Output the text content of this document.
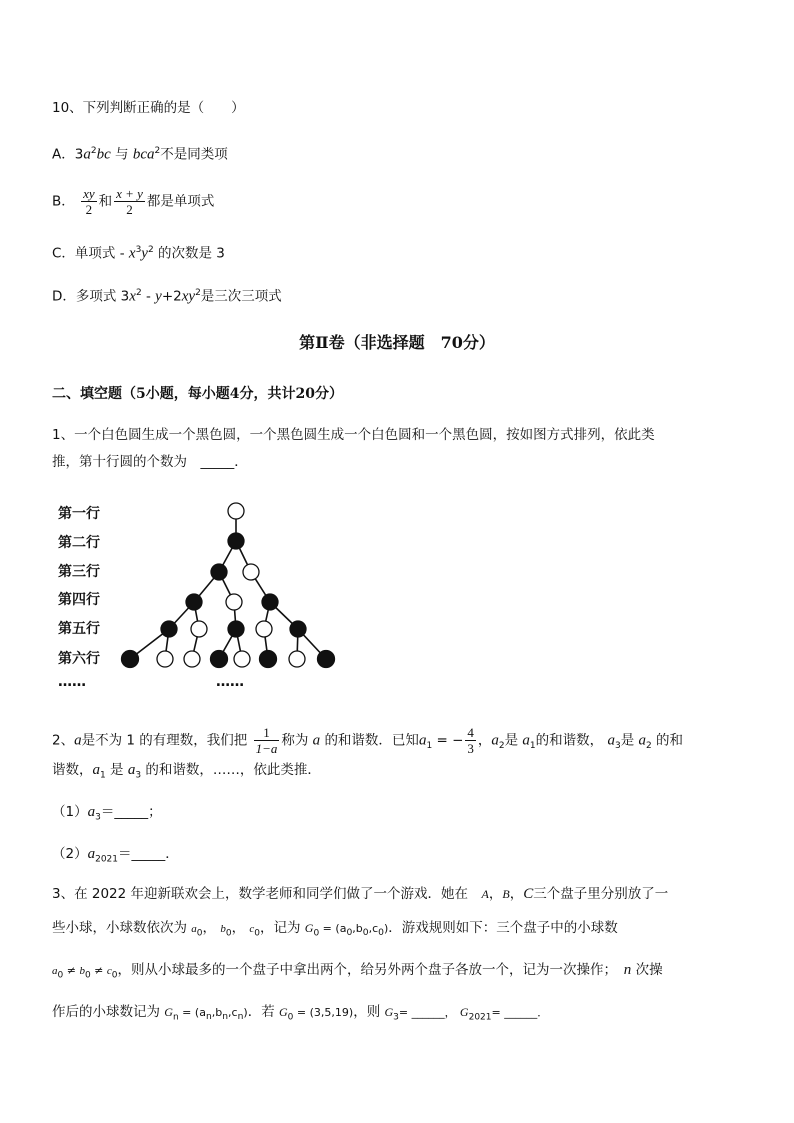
10、下列判断正确的是（　　）
A．$3a^2bc$ 与 bca$^2$不是同类项
B． $\frac{xy}{2}$ 和 $\frac{x + y}{2}$ 都是单项式
C．单项式 - $x^3y^2$ 的次数是 3
D．多项式 $3x^2 - y+2xy^2$是三次三项式
第Ⅱ卷（非选择题　70分）
二、填空题（5小题，每小题4分，共计20分）
1、一个白色圆生成一个黑色圆，一个黑色圆生成一个白色圆和一个黑色圆，按如图方式排列，依此类
推，第十行圆的个数为　_____．
第一行
第二行
第三行
第四行
第五行
第六行
……	……
2、a是不为 1 的有理数，我们把 $\frac{1}{1-a}$ 称为 a 的和谐数．已知$a_1$ = − $\frac{4}{3}$ ，$a_2$是 $a_1$的和谐数， $a_3$是 $a_2$ 的和
谐数，$a_1$ 是 $a_3$ 的和谐数，……，依此类推．
$(1)a_3=\_\_\_\_\_$；
$(2)a_{2021}=\_\_\_\_\_$．
3、在 2022 年迎新联欢会上，数学老师和同学们做了一个游戏．她在　A，B，C三个盘子里分别放了一
些小球，小球数依次为 $a_0$， $b_0$， $c_0$，记为 $G_0 = (a_0,b_0,c_0)$．游戏规则如下：三个盘子中的小球数
$a_0 \ne b_0 \ne c_0$，则从小球最多的一个盘子中拿出两个，给另外两个盘子各放一个，记为一次操作；　n 次操
作后的小球数记为 $G_n = (a_n,b_n,c_n)$．若 $G_0 = (3,5,19)$，则 $G_3=$ ______， $G_{2021}=$ ______．
